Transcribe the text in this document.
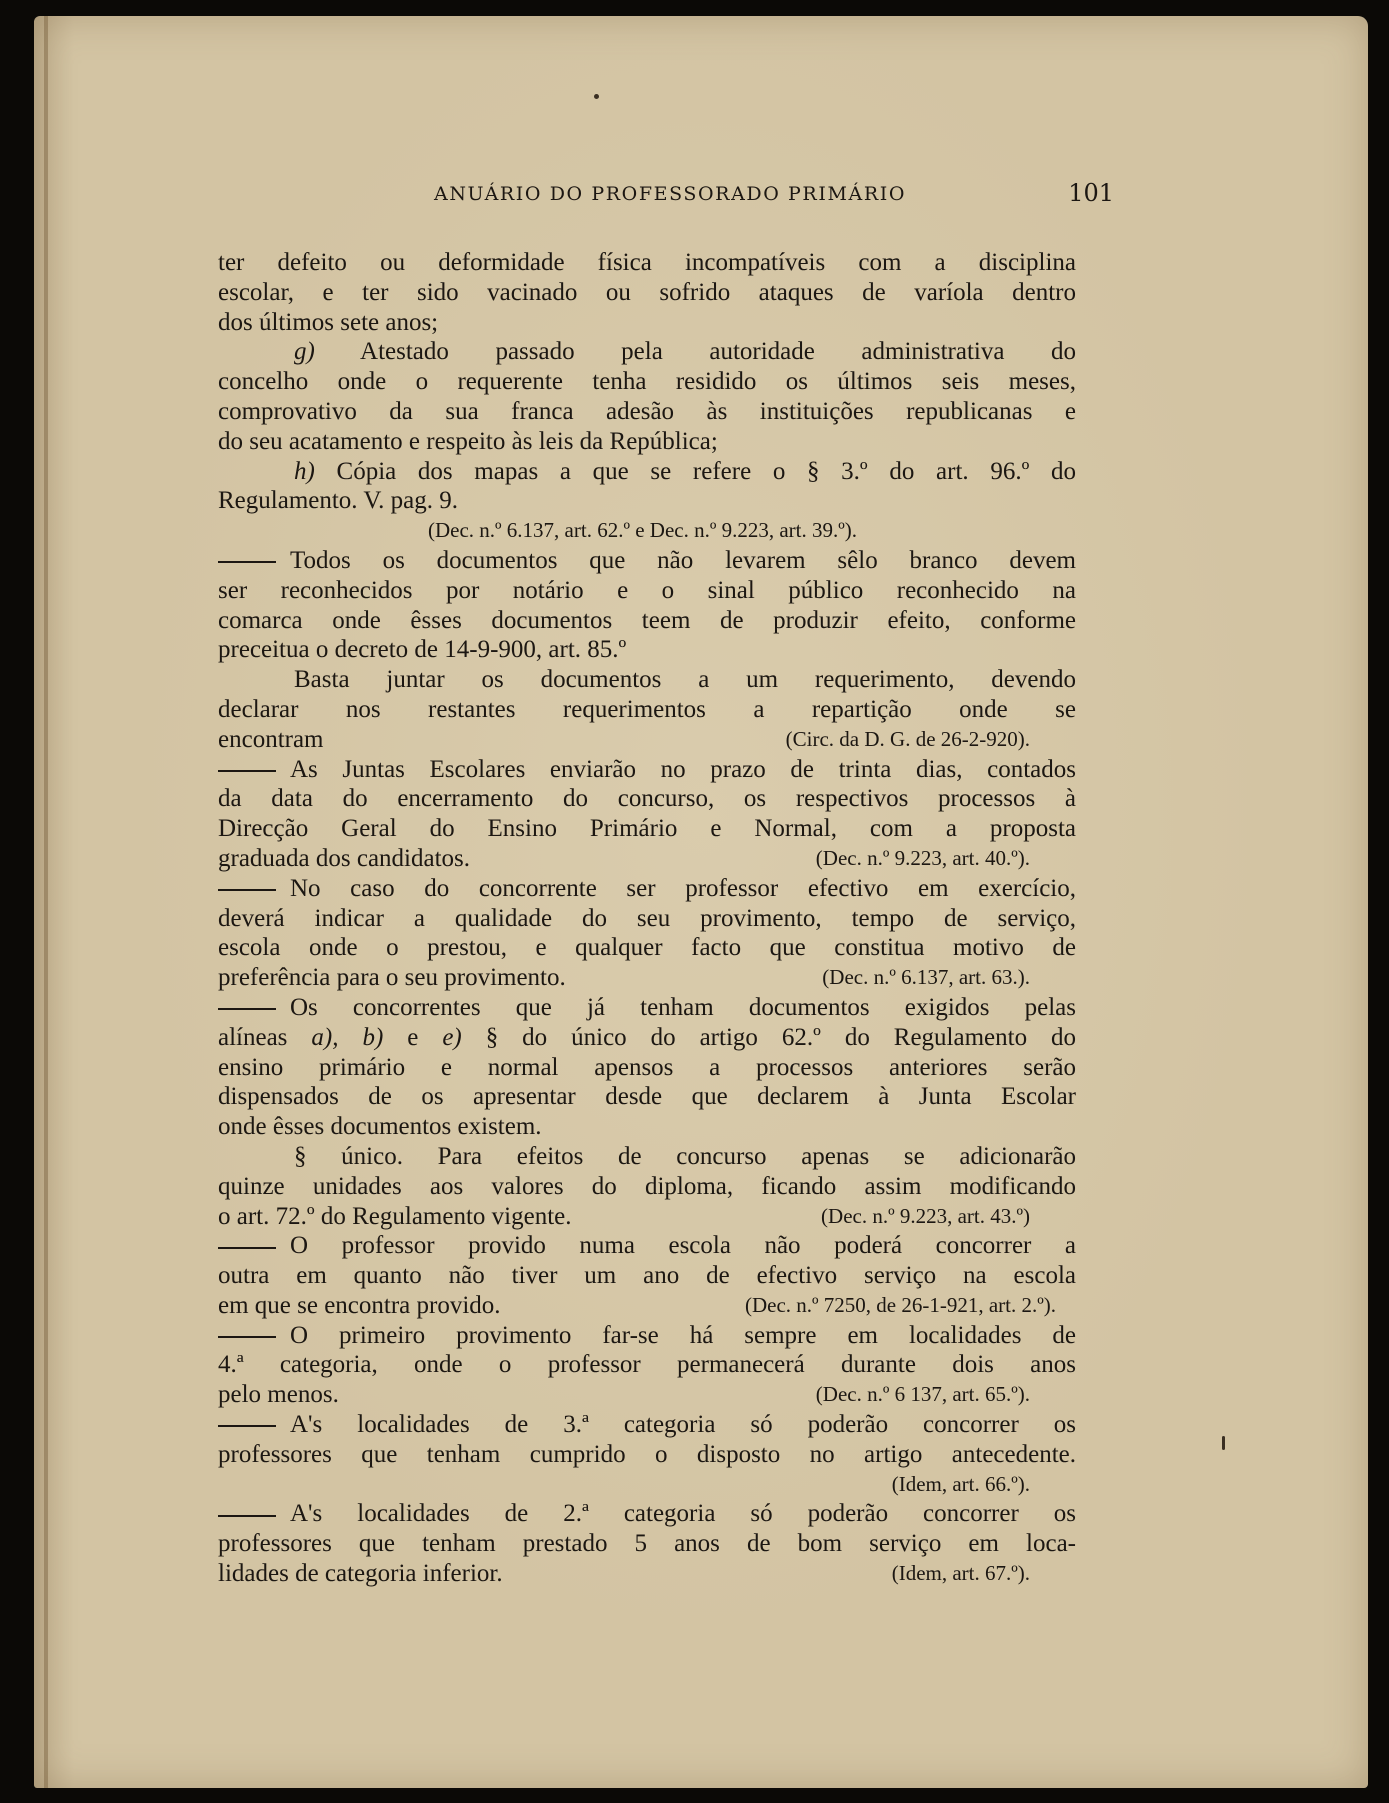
ANUÁRIO DO PROFESSORADO PRIMÁRIO	101
ter defeito ou deformidade física incompatíveis com a disciplina
escolar, e ter sido vacinado ou sofrido ataques de varíola dentro
dos últimos sete anos;
g) Atestado passado pela autoridade administrativa do
concelho onde o requerente tenha residido os últimos seis meses,
comprovativo da sua franca adesão às instituições republicanas e
do seu acatamento e respeito às leis da República;
h) Cópia dos mapas a que se refere o § 3.º do art. 96.º do
Regulamento. V. pag. 9.
(Dec. n.º 6.137, art. 62.º e Dec. n.º 9.223, art. 39.º).
Todos os documentos que não levarem sêlo branco devem
ser reconhecidos por notário e o sinal público reconhecido na
comarca onde êsses documentos teem de produzir efeito, conforme
preceitua o decreto de 14-9-900, art. 85.º
Basta juntar os documentos a um requerimento, devendo
declarar nos restantes requerimentos a repartição onde se
encontram	(Circ. da D. G. de 26-2-920).
As Juntas Escolares enviarão no prazo de trinta dias, contados
da data do encerramento do concurso, os respectivos processos à
Direcção Geral do Ensino Primário e Normal, com a proposta
graduada dos candidatos.	(Dec. n.º 9.223, art. 40.º).
No caso do concorrente ser professor efectivo em exercício,
deverá indicar a qualidade do seu provimento, tempo de serviço,
escola onde o prestou, e qualquer facto que constitua motivo de
preferência para o seu provimento.	(Dec. n.º 6.137, art. 63.).
Os concorrentes que já tenham documentos exigidos pelas
alíneas a), b) e e) § do único do artigo 62.º do Regulamento do
ensino primário e normal apensos a processos anteriores serão
dispensados de os apresentar desde que declarem à Junta Escolar
onde êsses documentos existem.
§ único. Para efeitos de concurso apenas se adicionarão
quinze unidades aos valores do diploma, ficando assim modificando
o art. 72.º do Regulamento vigente.	(Dec. n.º 9.223, art. 43.º)
O professor provido numa escola não poderá concorrer a
outra em quanto não tiver um ano de efectivo serviço na escola
em que se encontra provido.	(Dec. n.º 7250, de 26-1-921, art. 2.º).
O primeiro provimento far-se há sempre em localidades de
4.ª categoria, onde o professor permanecerá durante dois anos
pelo menos.	(Dec. n.º 6 137, art. 65.º).
A's localidades de 3.ª categoria só poderão concorrer os
professores que tenham cumprido o disposto no artigo antecedente.
(Idem, art. 66.º).
A's localidades de 2.ª categoria só poderão concorrer os
professores que tenham prestado 5 anos de bom serviço em loca-
lidades de categoria inferior.	(Idem, art. 67.º).
